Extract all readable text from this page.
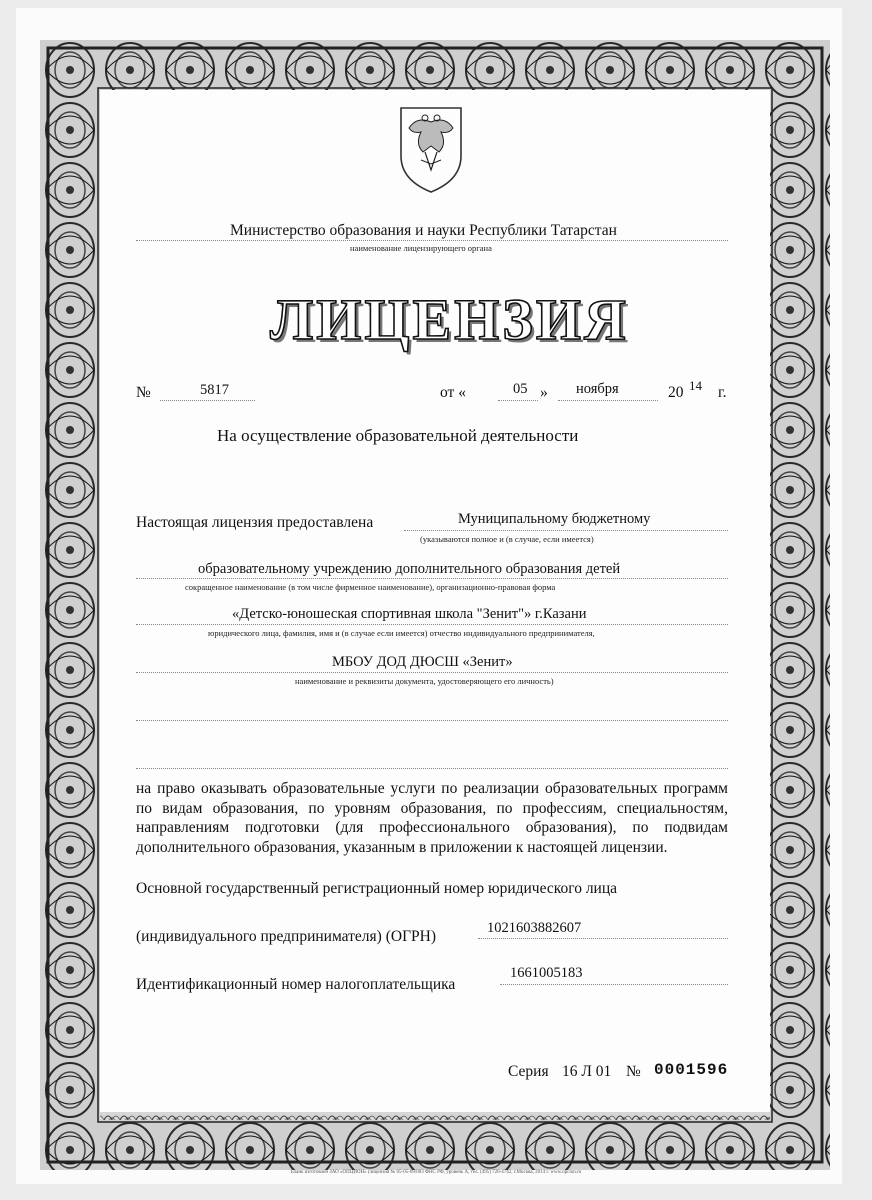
Министерство образования и науки Республики Татарстан
наименование лицензирующего органа
ЛИЦЕНЗИЯ
№	5817	от «	05 » ноября	20 14 г.
На осуществление образовательной деятельности
Настоящая лицензия предоставлена	Муниципальному бюджетному
(указываются полное и (в случае, если имеется)
образовательному учреждению дополнительного образования детей
сокращенное наименование (в том числе фирменное наименование), организационно-правовая форма
«Детско-юношеская спортивная школа "Зенит"» г.Казани
юридического лица, фамилия, имя и (в случае если имеется) отчество индивидуального предпринимателя,
МБОУ ДОД ДЮСШ «Зенит»
наименование и реквизиты документа, удостоверяющего его личность)
на право оказывать образовательные услуги по реализации образовательных программ по видам образования, по уровням образования, по профессиям, специальностям, направлениям подготовки (для профессионального образования), по подвидам дополнительного образования, указанным в приложении к настоящей лицензии.
Основной государственный регистрационный номер юридического лица
(индивидуального предпринимателя) (ОГРН)	1021603882607
Идентификационный номер налогоплательщика
1661005183
Серия 16 Л 01 № 0001596
Бланк изготовлен ЗАО «ОПЦИОН» (лицензия № 05-05-09/003 ФНС РФ, уровень А, тел. (495) 726-4742, г.Москва, 2014 г. www.opcion.ru
